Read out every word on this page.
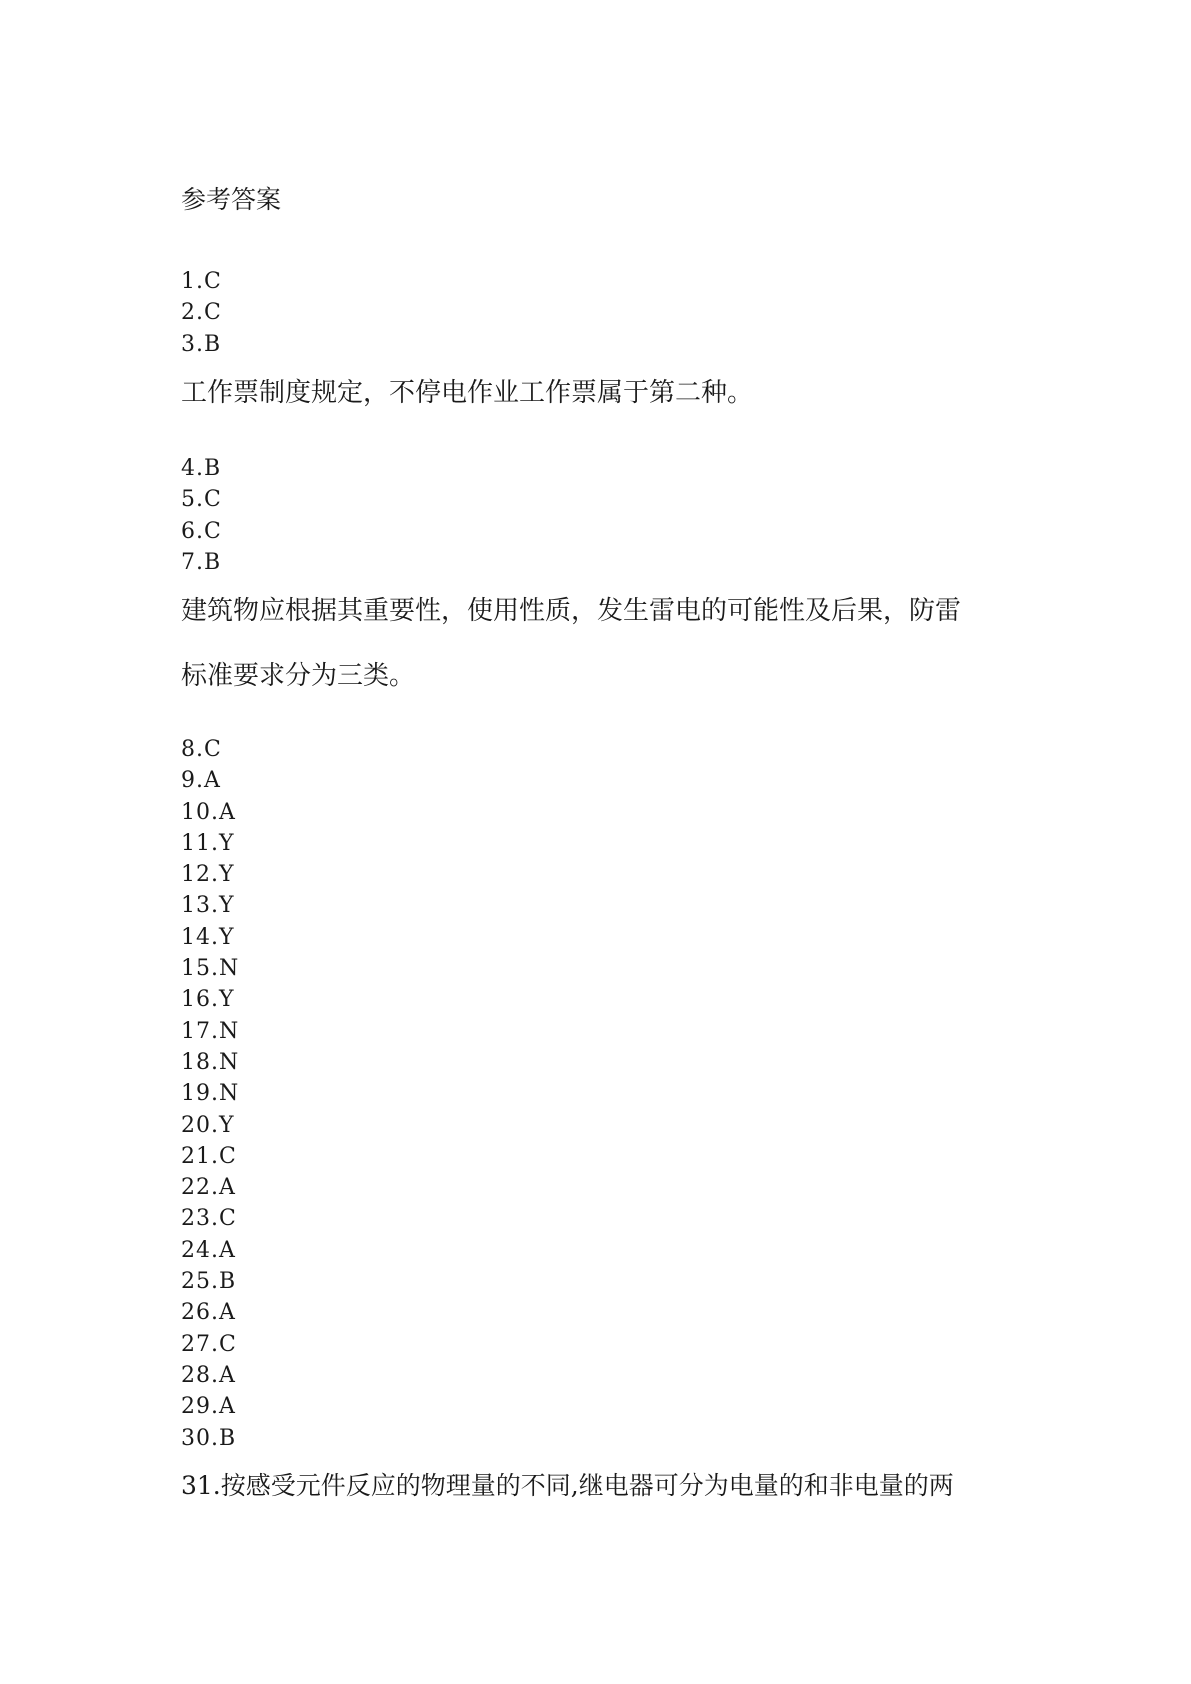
参考答案
1.C
2.C
3.B

工作票制度规定，不停电作业工作票属于第二种。

4.B
5.C
6.C
7.B

建筑物应根据其重要性，使用性质，发生雷电的可能性及后果，防雷

标准要求分为三类。

8.C
9.A
10.A
11.Y
12.Y
13.Y
14.Y
15.N
16.Y
17.N
18.N
19.N
20.Y
21.C
22.A
23.C
24.A
25.B
26.A
27.C
28.A
29.A
30.B

31.按感受元件反应的物理量的不同,继电器可分为电量的和非电量的两
